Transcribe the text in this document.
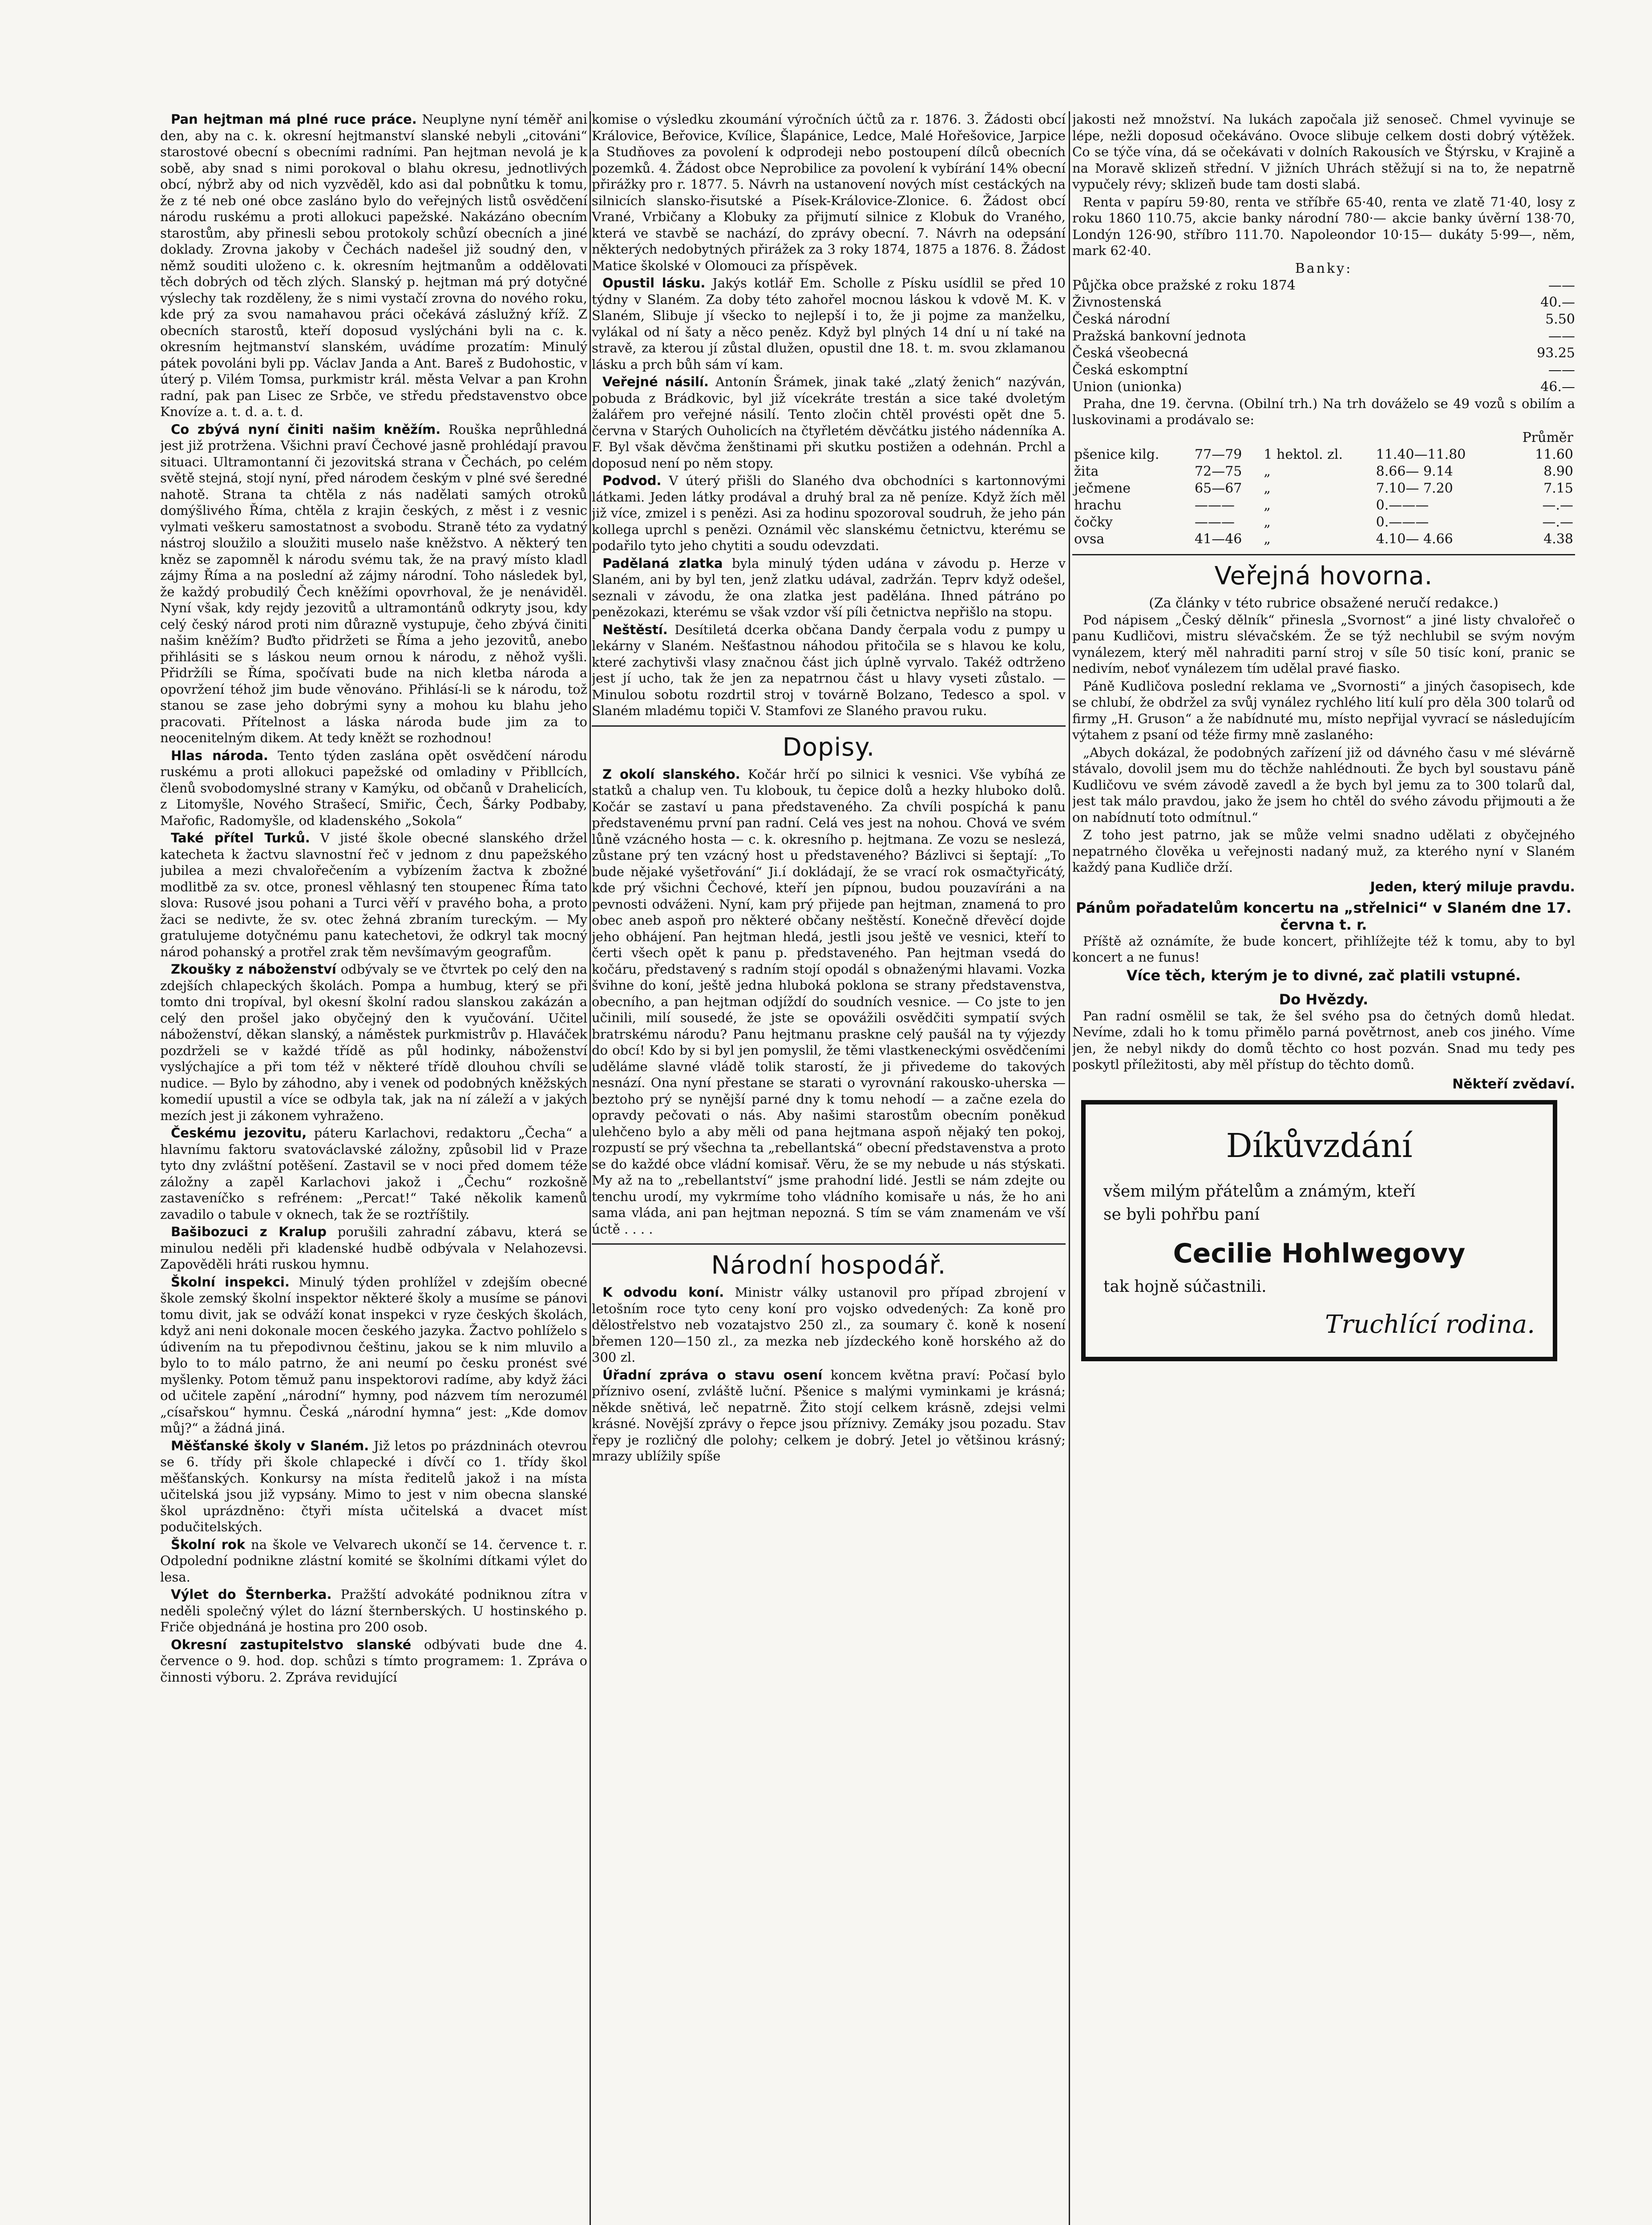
Pan hejtman má plné ruce práce. Neuplyne nyní téměř ani den, aby na c. k. okresní hejtmanství slanské nebyli „citováni“ starostové obecní s obecními radními. Pan hejtman nevolá je k sobě, aby snad s nimi porokoval o blahu okresu, jednotlivých obcí, nýbrž aby od nich vyzvěděl, kdo asi dal pobnůtku k tomu, že z té neb oné obce zasláno bylo do veřejných listů osvědčení národu ruskému a proti allokuci papežské. Nakázáno obecním starostům, aby přinesli sebou protokoly schůzí obecních a jiné doklady. Zrovna jakoby v Čechách nadešel již soudný den, v němž souditi uloženo c. k. okresním hejtmanům a oddělovati těch dobrých od těch zlých. Slanský p. hejtman má prý dotyčné výslechy tak rozděleny, že s nimi vystačí zrovna do nového roku, kde prý za svou namahavou práci očekává záslužný kříž. Z obecních starostů, kteří doposud vyslýcháni byli na c. k. okresním hejtmanství slanském, uvádíme prozatím: Minulý pátek povoláni byli pp. Václav Janda a Ant. Bareš z Budohostic, v úterý p. Vilém Tomsa, purkmistr král. města Velvar a pan Krohn radní, pak pan Lisec ze Srbče, ve středu představenstvo obce Knovíze a. t. d. a. t. d.

Co zbývá nyní činiti našim kněžím. Rouška neprůhledná jest již protržena. Všichni praví Čechové jasně prohlédají pravou situaci. Ultramontanní či jezovitská strana v Čechách, po celém světě stejná, stojí nyní, před národem českým v plné své šeredné nahotě. Strana ta chtěla z nás nadělati samých otroků domýšlivého Říma, chtěla z krajin českých, z měst i z vesnic vylmati veškeru samostatnost a svobodu. Straně této za vydatný nástroj sloužilo a sloužiti muselo naše kněžstvo. A některý ten kněz se zapomněl k národu svému tak, že na pravý místo kladl zájmy Říma a na poslední až zájmy národní. Toho následek byl, že každý probudilý Čech kněžími opovrhoval, že je nenáviděl. Nyní však, kdy rejdy jezovitů a ultramontánů odkryty jsou, kdy celý český národ proti nim důrazně vystupuje, čeho zbývá činiti našim kněžím? Buďto přidržeti se Říma a jeho jezovitů, anebo přihlásiti se s láskou neum ornou k národu, z něhož vyšli. Přidržíli se Říma, spočívati bude na nich kletba národa a opovržení téhož jim bude věnováno. Přihlásí-li se k národu, tož stanou se zase jeho dobrými syny a mohou ku blahu jeho pracovati. Přítelnost a láska národa bude jim za to neocenitelným dikem. At tedy kněžt se rozhodnou!

Hlas národa. Tento týden zaslána opět osvědčení národu ruskému a proti allokuci papežské od omladiny v Přibllcích, členů svobodomyslné strany v Kamýku, od občanů v Drahelicích, z Litomyšle, Nového Strašecí, Smiřic, Čech, Šárky Podbaby, Mařofic, Radomyšle, od kladenského „Sokola“

Také přítel Turků. V jisté škole obecné slanského držel katecheta k žactvu slavnostní řeč v jednom z dnu papežského jubilea a mezi chvalořečením a vybízením žactva k zbožné modlitbě za sv. otce, pronesl věhlasný ten stoupenec Říma tato slova: Rusové jsou pohani a Turci věří v pravého boha, a proto žaci se nedivte, že sv. otec žehná zbraním tureckým. — My gratulujeme dotyčnému panu katechetovi, že odkryl tak mocný národ pohanský a protřel zrak těm nevšímavým geografům.

Zkoušky z náboženství odbývaly se ve čtvrtek po celý den na zdejších chlapeckých školách. Pompa a humbug, který se při tomto dni tropíval, byl okesní školní radou slanskou zakázán a celý den prošel jako obyčejný den k vyučování. Učitel náboženství, děkan slanský, a náměstek purkmistrův p. Hlaváček pozdrželi se v každé třídě as půl hodinky, náboženství vyslýchajíce a při tom též v některé třídě dlouhou chvíli se nudice. — Bylo by záhodno, aby i venek od podobných kněžských komedií upustil a více se odbyla tak, jak na ní záleží a v jakých mezích jest ji zákonem vyhraženo.

Českému jezovitu, páteru Karlachovi, redaktoru „Čecha“ a hlavnímu faktoru svatováclavské záložny, způsobil lid v Praze tyto dny zvláštní potěšení. Zastavil se v noci před domem téže záložny a zapěl Karlachovi jakož i „Čechu“ rozkošně zastaveníčko s refrénem: „Percat!“ Také několik kamenů zavadilo o tabule v oknech, tak že se roztříštily.

Bašibozuci z Kralup porušili zahradní zábavu, která se minulou neděli při kladenské hudbě odbývala v Nelahozevsi. Zapověděli hráti ruskou hymnu.

Školní inspekci. Minulý týden prohlížel v zdejším obecné škole zemský školní inspektor některé školy a musíme se pánovi tomu divit, jak se odváží konat inspekci v ryze českých školách, když ani neni dokonale mocen českého jazyka. Žactvo pohlíželo s údivením na tu přepodivnou češtinu, jakou se k nim mluvilo a bylo to to málo patrno, že ani neumí po česku pronést své myšlenky. Potom těmuž panu inspektorovi radíme, aby když žáci od učitele zapění „národní“ hymny, pod názvem tím nerozumél „císařskou“ hymnu. Česká „národní hymna“ jest: „Kde domov můj?“ a žádná jiná.

Měšťanské školy v Slaném. Již letos po prázdninách otevrou se 6. třídy při škole chlapecké i dívčí co 1. třídy škol měšťanských. Konkursy na místa ředitelů jakož i na místa učitelská jsou již vypsány. Mimo to jest v nim obecna slanské škol uprázdněno: čtyři místa učitelská a dvacet míst podučitelských.

Školní rok na škole ve Velvarech ukončí se 14. července t. r. Odpolední podnikne zlástní komité se školními dítkami výlet do lesa.

Výlet do Šternberka. Pražští advokáté podniknou zítra v neděli společný výlet do lázní šternberských. U hostinského p. Friče objednáná je hostina pro 200 osob.

Okresní zastupitelstvo slanské odbývati bude dne 4. července o 9. hod. dop. schůzi s tímto programem: 1. Zpráva o činnosti výboru. 2. Zpráva revidující

komise o výsledku zkoumání výročních účtů za r. 1876. 3. Žádosti obcí Královice, Beřovice, Kvílice, Šlapánice, Ledce, Malé Hořešovice, Jarpice a Studňoves za povolení k odprodeji nebo postoupení dílců obecních pozemků. 4. Žádost obce Neprobilice za povolení k vybírání 14% obecní přirážky pro r. 1877. 5. Návrh na ustanovení nových míst cestáckých na silnicích slansko-řisutské a Písek-Královice-Zlonice. 6. Žádost obcí Vrané, Vrbičany a Klobuky za přijmutí silnice z Klobuk do Vraného, která ve stavbě se nachází, do zprávy obecní. 7. Návrh na odepsání některých nedobytných přirážek za 3 roky 1874, 1875 a 1876. 8. Žádost Matice školské v Olomouci za příspěvek.

Opustil lásku. Jakýs kotlář Em. Scholle z Písku usídlil se před 10 týdny v Slaném. Za doby této zahořel mocnou láskou k vdově M. K. v Slaném, Slibuje jí všecko to nejlepší i to, že ji pojme za manželku, vylákal od ní šaty a něco peněz. Když byl plných 14 dní u ní také na stravě, za kterou jí zůstal dlužen, opustil dne 18. t. m. svou zklamanou lásku a prch bůh sám ví kam.

Veřejné násilí. Antonín Šrámek, jinak také „zlatý ženich“ nazýván, pobuda z Brádkovic, byl již vícekráte trestán a sice také dvoletým žalářem pro veřejné násilí. Tento zločin chtěl provésti opět dne 5. června v Starých Ouholicích na čtyřletém děvčátku jistého nádenníka A. F. Byl však děvčma ženštinami při skutku postižen a odehnán. Prchl a doposud není po něm stopy.

Podvod. V úterý přišli do Slaného dva obchodníci s kartonnovými látkami. Jeden látky prodával a druhý bral za ně peníze. Když žích měl již více, zmizel i s penězi. Asi za hodinu spozoroval soudruh, že jeho pán kollega uprchl s penězi. Oznámil věc slanskému četnictvu, kterému se podařilo tyto jeho chytiti a soudu odevzdati.

Padělaná zlatka byla minulý týden udána v závodu p. Herze v Slaném, ani by byl ten, jenž zlatku udával, zadržán. Teprv když odešel, seznali v závodu, že ona zlatka jest padělána. Ihned pátráno po penězokazi, kterému se však vzdor vší píli četnictva nepřišlo na stopu.

Neštěstí. Desítiletá dcerka občana Dandy čerpala vodu z pumpy u lekárny v Slaném. Nešťastnou náhodou přitočila se s hlavou ke kolu, které zachytivši vlasy značnou část jich úplně vyrvalo. Takéž odtrženo jest jí ucho, tak že jen za nepatrnou část u hlavy vyseti zůstalo. — Minulou sobotu rozdrtil stroj v továrně Bolzano, Tedesco a spol. v Slaném mladému topiči V. Stamfovi ze Slaného pravou ruku.

Dopisy.

Z okolí slanského. Kočár hrčí po silnici k vesnici. Vše vybíhá ze statků a chalup ven. Tu klobouk, tu čepice dolů a hezky hluboko dolů. Kočár se zastaví u pana představeného. Za chvíli pospíchá k panu představenému první pan radní. Celá ves jest na nohou. Chová ve svém lůně vzácného hosta — c. k. okresního p. hejtmana. Ze vozu se neslezá, zůstane prý ten vzácný host u představeného? Bázlivci si šeptají: „To bude nějaké vyšetřování“ Ji.í dokládají, že se vrací rok osmačtyřicátý, kde prý všichni Čechové, kteří jen pípnou, budou pouzavíráni a na pevnosti odváženi. Nyní, kam prý přijede pan hejtman, znamená to pro obec aneb aspoň pro některé občany neštěstí. Konečně dřevěcí dojde jeho obhájení. Pan hejtman hledá, jestli jsou ještě ve vesnici, kteří to čerti všech opět k panu p. představeného. Pan hejtman vsedá do kočáru, představený s radním stojí opodál s obnaženými hlavami. Vozka švihne do koní, ještě jedna hluboká poklona se strany představenstva, obecního, a pan hejtman odjíždí do soudních vesnice. — Co jste to jen učinili, milí sousedé, že jste se opovážili osvědčiti sympatií svých bratrskému národu? Panu hejtmanu praskne celý paušál na ty výjezdy do obcí! Kdo by si byl jen pomyslil, že těmi vlastkeneckými osvědčeními uděláme slavné vládě tolik starostí, že ji přivedeme do takových nesnází. Ona nyní přestane se starati o vyrovnání rakousko-uherska — beztoho prý se nynější parné dny k tomu nehodí — a začne ezela do opravdy pečovati o nás. Aby našimi starostům obecním poněkud ulehčeno bylo a aby měli od pana hejtmana aspoň nějaký ten pokoj, rozpustí se prý všechna ta „rebellantská“ obecní představenstva a proto se do každé obce vládní komisař. Věru, že se my nebude u nás stýskati. My až na to „rebellantství“ jsme prahodní lidé. Jestli se nám zdejte ou tenchu urodí, my vykrmíme toho vládního komisaře u nás, že ho ani sama vláda, ani pan hejtman nepozná. S tím se vám znamenám ve vší úctě . . . .

Národní hospodář.

K odvodu koní. Ministr války ustanovil pro případ zbrojení v letošním roce tyto ceny koní pro vojsko odvedených: Za koně pro dělostřelstvo neb vozatajstvo 250 zl., za soumary č. koně k nosení břemen 120—150 zl., za mezka neb jízdeckého koně horského až do 300 zl.

Úřadní zpráva o stavu osení koncem května praví: Počasí bylo příznivo osení, zvláště luční. Pšenice s malými vyminkami je krásná; někde snětivá, leč nepatrně. Žito stojí celkem krásně, zdejsi velmi krásné. Novější zprávy o řepce jsou příznivy. Zemáky jsou pozadu. Stav řepy je rozličný dle polohy; celkem je dobrý. Jetel jo většinou krásný; mrazy ublížily spíše

jakosti než množství. Na lukách započala již senoseč. Chmel vyvinuje se lépe, nežli doposud očekáváno. Ovoce slibuje celkem dosti dobrý výtěžek. Co se týče vína, dá se očekávati v dolních Rakousích ve Štýrsku, v Krajině a na Moravě sklizeň střední. V jižních Uhrách stěžují si na to, že nepatrně vypučely révy; sklizeň bude tam dosti slabá.

Renta v papíru 59·80, renta ve stříbře 65·40, renta ve zlatě 71·40, losy z roku 1860 110.75, akcie banky národní 780·— akcie banky úvěrní 138·70, Londýn 126·90, stříbro 111.70. Napoleondor 10·15— dukáty 5·99—, něm, mark 62·40.

Banky:
Půjčka obce pražské z roku 1874	——
Živnostenská	40.—
Česká národní	5.50
Pražská bankovní jednota	——
Česká všeobecná	93.25
Česká eskomptní	——
Union (unionka)	46.—

Praha, dne 19. června. (Obilní trh.) Na trh dováželo se 49 vozů s obilím a luskovinami a prodávalo se:

				Průměr
pšenice kilg.	77—79	1 hektol. zl.	11.40—11.80	11.60
žita	72—75	„	8.66— 9.14	8.90
ječmene	65—67	„	7.10— 7.20	7.15
hrachu	———	„	0.———	—.—
čočky	———	„	0.———	—.—
ovsa	41—46	„	4.10— 4.66	4.38
Veřejná hovorna.
(Za články v této rubrice obsažené neručí redakce.)

Pod nápisem „Český dělník“ přinesla „Svornost“ a jiné listy chvalořeč o panu Kudličovi, mistru slévačském. Že se týž nechlubil se svým novým vynálezem, který měl nahraditi parní stroj v síle 50 tisíc koní, pranic se nedivím, neboť vynálezem tím udělal pravé fiasko.

Páně Kudličova poslední reklama ve „Svornosti“ a jiných časopisech, kde se chlubí, že obdržel za svůj vynález rychlého lití kulí pro děla 300 tolarů od firmy „H. Gruson“ a že nabídnuté mu, místo nepřijal vyvrací se následujícím výtahem z psaní od téže firmy mně zaslaného:

„Abych dokázal, že podobných zařízení již od dávného času v mé slévárně stávalo, dovolil jsem mu do těchže nahlédnouti. Že bych byl soustavu páně Kudličovu ve svém závodě zavedl a že bych byl jemu za to 300 tolarů dal, jest tak málo pravdou, jako že jsem ho chtěl do svého závodu přijmouti a že on nabídnutí toto odmítnul.“

Z toho jest patrno, jak se může velmi snadno udělati z obyčejného nepatrného člověka u veřejnosti nadaný muž, za kterého nyní v Slaném každý pana Kudliče drží.

Jeden, který miluje pravdu.
Pánům pořadatelům koncertu na „střelnici“ v Slaném dne 17. června t. r.

Příště až oznámíte, že bude koncert, přihlížejte též k tomu, aby to byl koncert a ne funus!

Více těch, kterým je to divné, zač platili vstupné.
Do Hvězdy.

Pan radní osmělil se tak, že šel svého psa do četných domů hledat. Nevíme, zdali ho k tomu přimělo parná povětrnost, aneb cos jiného. Víme jen, že nebyl nikdy do domů těchto co host pozván. Snad mu tedy pes poskytl příležitosti, aby měl přístup do těchto domů.

Někteří zvědaví.
Díkůvzdání
všem milým přátelům a známým, kteří
se byli pohřbu paní
Cecilie Hohlwegovy
tak hojně súčastnili.
Truchlící rodina.
